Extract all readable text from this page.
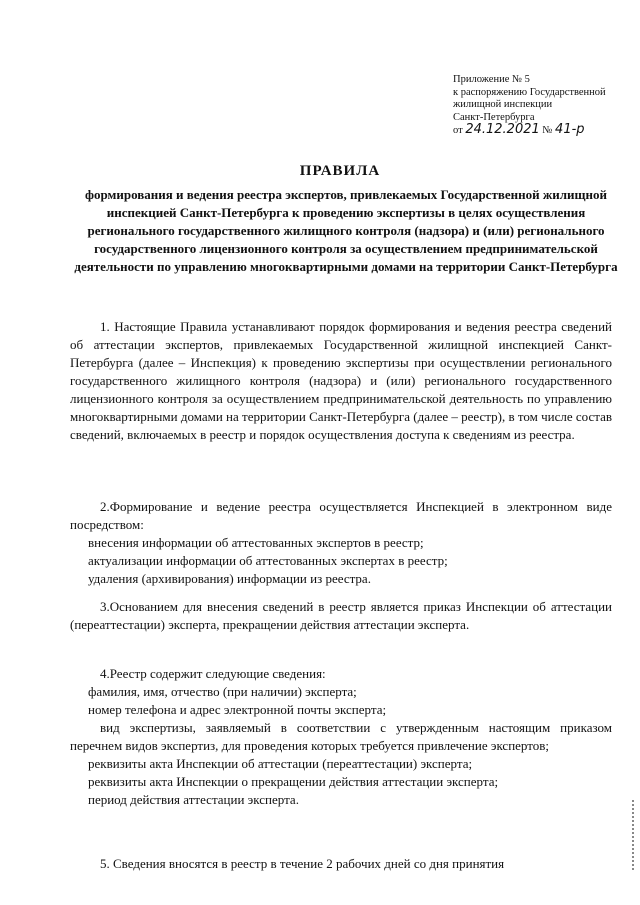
Приложение № 5
к распоряжению Государственной
жилищной инспекции
Санкт-Петербурга
от 24.12.2021 № 41-р
ПРАВИЛА
формирования и ведения реестра экспертов, привлекаемых Государственной жилищной инспекцией Санкт-Петербурга к проведению экспертизы в целях осуществления регионального государственного жилищного контроля (надзора) и (или) регионального государственного лицензионного контроля за осуществлением предпринимательской деятельности по управлению многоквартирными домами на территории Санкт-Петербурга

1. Настоящие Правила устанавливают порядок формирования и ведения реестра сведений об аттестации экспертов, привлекаемых Государственной жилищной инспекцией Санкт-Петербурга (далее – Инспекция) к проведению экспертизы при осуществлении регионального государственного жилищного контроля (надзора) и (или) регионального государственного лицензионного контроля за осуществлением предпринимательской деятельность по управлению многоквартирными домами на территории Санкт-Петербурга (далее – реестр), в том числе состав сведений, включаемых в реестр и порядок осуществления доступа к сведениям из реестра.

2.Формирование и ведение реестра осуществляется Инспекцией в электронном виде посредством:

внесения информации об аттестованных экспертов в реестр;

актуализации информации об аттестованных экспертах в реестр;

удаления (архивирования) информации из реестра.

3.Основанием для внесения сведений в реестр является приказ Инспекции об аттестации (переаттестации) эксперта, прекращении действия аттестации эксперта.

4.Реестр содержит следующие сведения:

фамилия, имя, отчество (при наличии) эксперта;

номер телефона и адрес электронной почты эксперта;

вид экспертизы, заявляемый в соответствии с утвержденным настоящим приказом перечнем видов экспертиз, для проведения которых требуется привлечение экспертов;

реквизиты акта Инспекции об аттестации (переаттестации) эксперта;

реквизиты акта Инспекции о прекращении действия аттестации эксперта;

период действия аттестации эксперта.

5. Сведения вносятся в реестр в течение 2 рабочих дней со дня принятия
